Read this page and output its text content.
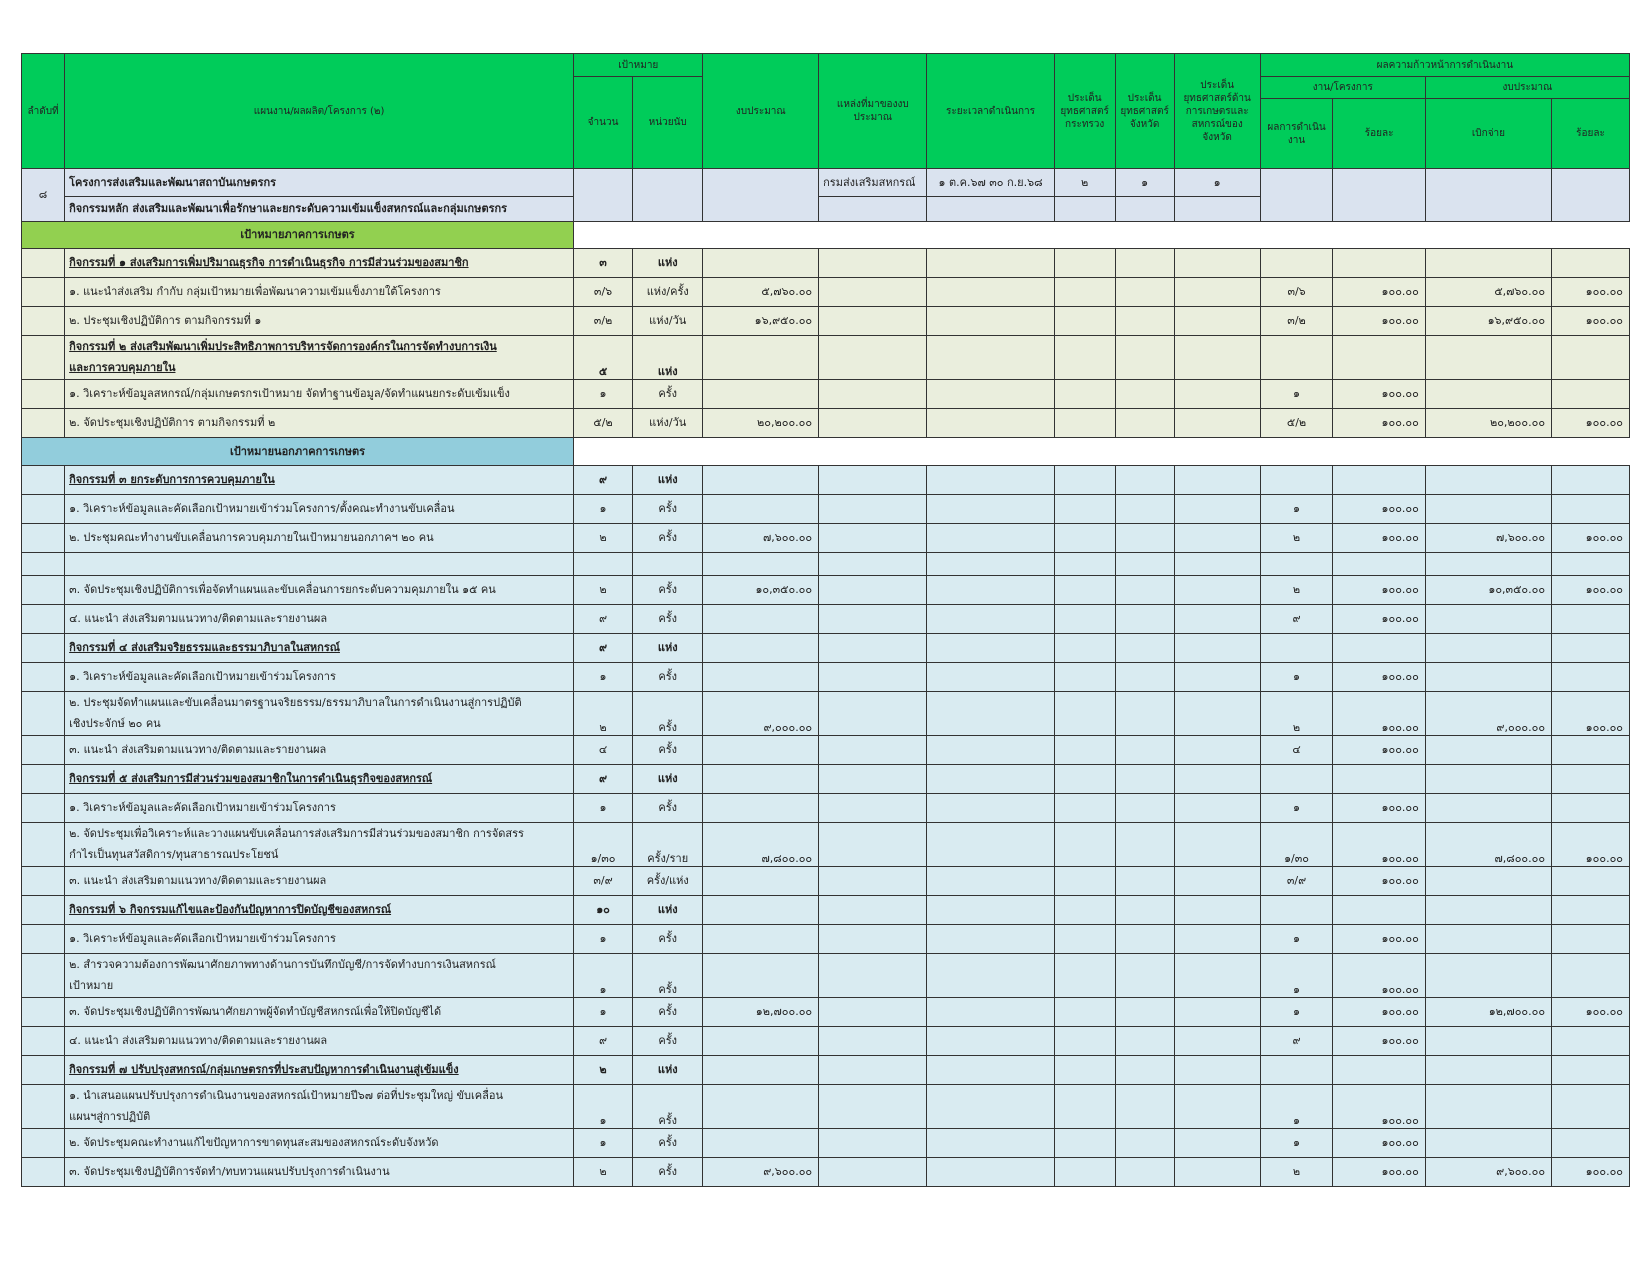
ลำดับที่	แผนงาน/ผลผลิต/โครงการ (๒)	เป้าหมาย		งบประมาณ	แหล่งที่มาของงบประมาณ	ระยะเวลาดำเนินการ	ประเด็นยุทธศาสตร์กระทรวง	ประเด็นยุทธศาสตร์จังหวัด	ประเด็นยุทธศาสตร์ด้านการเกษตรและสหกรณ์ของจังหวัด	ผลความก้าวหน้าการดำเนินงาน			
		จำนวน	หน่วยนับ							งาน/โครงการ		งบประมาณ	
										ผลการดำเนินงาน	ร้อยละ	เบิกจ่าย	ร้อยละ
๘	โครงการส่งเสริมและพัฒนาสถาบันเกษตรกร				กรมส่งเสริมสหกรณ์	๑ ต.ค.๖๗ ๓๐ ก.ย.๖๘	๒	๑	๑				
	กิจกรรมหลัก ส่งเสริมและพัฒนาเพื่อรักษาและยกระดับความเข้มแข็งสหกรณ์และกลุ่มเกษตรกร												
เป้าหมายภาคการเกษตร													
	กิจกรรมที่ ๑ ส่งเสริมการเพิ่มปริมาณธุรกิจ การดำเนินธุรกิจ การมีส่วนร่วมของสมาชิก	๓	แห่ง										
	๑. แนะนำส่งเสริม กำกับ กลุ่มเป้าหมายเพื่อพัฒนาความเข้มแข็งภายใต้โครงการ	๓/๖	แห่ง/ครั้ง	๕,๗๖๐.๐๐						๓/๖	๑๐๐.๐๐	๕,๗๖๐.๐๐	๑๐๐.๐๐
	๒. ประชุมเชิงปฏิบัติการ ตามกิจกรรมที่ ๑	๓/๒	แห่ง/วัน	๑๖,๙๕๐.๐๐						๓/๒	๑๐๐.๐๐	๑๖,๙๕๐.๐๐	๑๐๐.๐๐

	กิจกรรมที่ ๒ ส่งเสริมพัฒนาเพิ่มประสิทธิภาพการบริหารจัดการองค์กรในการจัดทำงบการเงิน
และการควบคุมภายใน	๕	แห่ง										
	๑. วิเคราะห์ข้อมูลสหกรณ์/กลุ่มเกษตรกรเป้าหมาย จัดทำฐานข้อมูล/จัดทำแผนยกระดับเข้มแข็ง	๑	ครั้ง							๑	๑๐๐.๐๐		
	๒. จัดประชุมเชิงปฏิบัติการ ตามกิจกรรมที่ ๒	๕/๒	แห่ง/วัน	๒๐,๒๐๐.๐๐						๕/๒	๑๐๐.๐๐	๒๐,๒๐๐.๐๐	๑๐๐.๐๐
เป้าหมายนอกภาคการเกษตร													
	กิจกรรมที่ ๓ ยกระดับการการควบคุมภายใน	๙	แห่ง										
	๑. วิเคราะห์ข้อมูลและคัดเลือกเป้าหมายเข้าร่วมโครงการ/ตั้งคณะทำงานขับเคลื่อน	๑	ครั้ง							๑	๑๐๐.๐๐		
	๒. ประชุมคณะทำงานขับเคลื่อนการควบคุมภายในเป้าหมายนอกภาคฯ ๒๐ คน	๒	ครั้ง	๗,๖๐๐.๐๐						๒	๑๐๐.๐๐	๗,๖๐๐.๐๐	๑๐๐.๐๐

	๓. จัดประชุมเชิงปฏิบัติการเพื่อจัดทำแผนและขับเคลื่อนการยกระดับความคุมภายใน ๑๕ คน	๒	ครั้ง	๑๐,๓๕๐.๐๐						๒	๑๐๐.๐๐	๑๐,๓๕๐.๐๐	๑๐๐.๐๐
	๔. แนะนำ ส่งเสริมตามแนวทาง/ติดตามและรายงานผล	๙	ครั้ง							๙	๑๐๐.๐๐		
	กิจกรรมที่ ๔ ส่งเสริมจริยธรรมและธรรมาภิบาลในสหกรณ์	๙	แห่ง										
	๑. วิเคราะห์ข้อมูลและคัดเลือกเป้าหมายเข้าร่วมโครงการ	๑	ครั้ง							๑	๑๐๐.๐๐		

	๒. ประชุมจัดทำแผนและขับเคลื่อนมาตรฐานจริยธรรม/ธรรมาภิบาลในการดำเนินงานสู่การปฏิบัติ
เชิงประจักษ์ ๒๐ คน	๒	ครั้ง	๙,๐๐๐.๐๐						๒	๑๐๐.๐๐	๙,๐๐๐.๐๐	๑๐๐.๐๐
	๓. แนะนำ ส่งเสริมตามแนวทาง/ติดตามและรายงานผล	๔	ครั้ง							๔	๑๐๐.๐๐		
	กิจกรรมที่ ๕ ส่งเสริมการมีส่วนร่วมของสมาชิกในการดำเนินธุรกิจของสหกรณ์	๙	แห่ง										
	๑. วิเคราะห์ข้อมูลและคัดเลือกเป้าหมายเข้าร่วมโครงการ	๑	ครั้ง							๑	๑๐๐.๐๐		

	๒. จัดประชุมเพื่อวิเคราะห์และวางแผนขับเคลื่อนการส่งเสริมการมีส่วนร่วมของสมาชิก การจัดสรร
กำไรเป็นทุนสวัสดิการ/ทุนสาธารณประโยชน์	๑/๓๐	ครั้ง/ราย	๗,๘๐๐.๐๐						๑/๓๐	๑๐๐.๐๐	๗,๘๐๐.๐๐	๑๐๐.๐๐
	๓. แนะนำ ส่งเสริมตามแนวทาง/ติดตามและรายงานผล	๓/๙	ครั้ง/แห่ง							๓/๙	๑๐๐.๐๐		
	กิจกรรมที่ ๖ กิจกรรมแก้ไขและป้องกันปัญหาการปิดบัญชีของสหกรณ์	๑๐	แห่ง										
	๑. วิเคราะห์ข้อมูลและคัดเลือกเป้าหมายเข้าร่วมโครงการ	๑	ครั้ง							๑	๑๐๐.๐๐		

	๒. สำรวจความต้องการพัฒนาศักยภาพทางด้านการบันทึกบัญชี/การจัดทำงบการเงินสหกรณ์
เป้าหมาย	๑	ครั้ง							๑	๑๐๐.๐๐		
	๓. จัดประชุมเชิงปฏิบัติการพัฒนาศักยภาพผู้จัดทำบัญชีสหกรณ์เพื่อให้ปิดบัญชีได้	๑	ครั้ง	๑๒,๗๐๐.๐๐						๑	๑๐๐.๐๐	๑๒,๗๐๐.๐๐	๑๐๐.๐๐
	๔. แนะนำ ส่งเสริมตามแนวทาง/ติดตามและรายงานผล	๙	ครั้ง							๙	๑๐๐.๐๐		
	กิจกรรมที่ ๗ ปรับปรุงสหกรณ์/กลุ่มเกษตรกรที่ประสบปัญหาการดำเนินงานสู่เข้มแข็ง	๒	แห่ง										

	๑. นำเสนอแผนปรับปรุงการดำเนินงานของสหกรณ์เป้าหมายปี๖๗ ต่อที่ประชุมใหญ่ ขับเคลื่อน
แผนฯสู่การปฏิบัติ	๑	ครั้ง							๑	๑๐๐.๐๐		
	๒. จัดประชุมคณะทำงานแก้ไขปัญหาการขาดทุนสะสมของสหกรณ์ระดับจังหวัด	๑	ครั้ง							๑	๑๐๐.๐๐		
	๓. จัดประชุมเชิงปฏิบัติการจัดทำ/ทบทวนแผนปรับปรุงการดำเนินงาน	๒	ครั้ง	๙,๖๐๐.๐๐						๒	๑๐๐.๐๐	๙,๖๐๐.๐๐	๑๐๐.๐๐
